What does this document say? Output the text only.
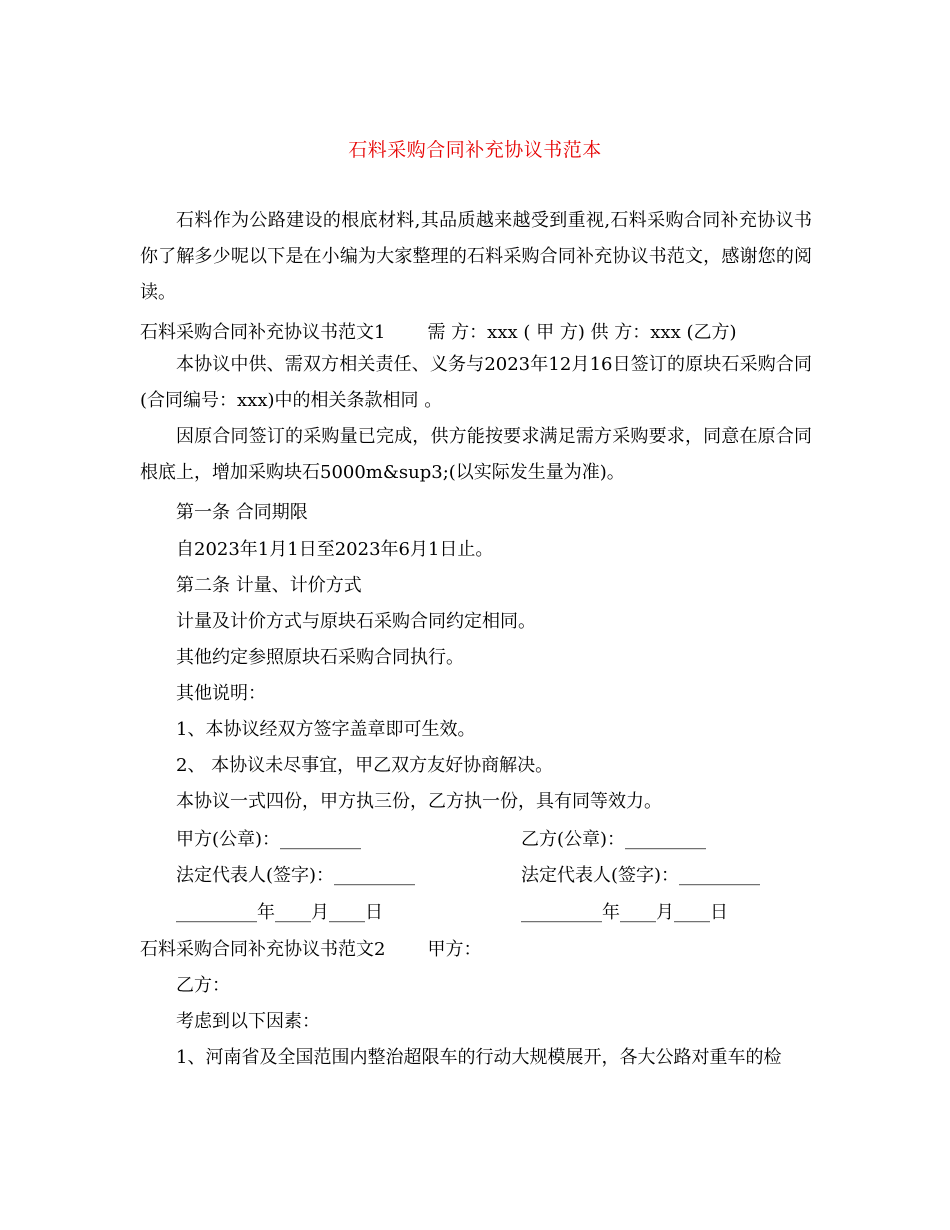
石料采购合同补充协议书范本
石料作为公路建设的根底材料,其品质越来越受到重视,石料采购合同补充协议书你了解多少呢以下是在小编为大家整理的石料采购合同补充协议书范文，感谢您的阅读。
石料采购合同补充协议书范文1 需 方：xxx ( 甲 方) 供 方：xxx (乙方)
本协议中供、需双方相关责任、义务与2023年12月16日签订的原块石采购合同(合同编号：xxx)中的相关条款相同 。
因原合同签订的采购量已完成，供方能按要求满足需方采购要求，同意在原合同根底上，增加采购块石5000m&sup3;(以实际发生量为准)。
第一条 合同期限
自2023年1月1日至2023年6月1日止。
第二条 计量、计价方式
计量及计价方式与原块石采购合同约定相同。
其他约定参照原块石采购合同执行。
其他说明：
1、本协议经双方签字盖章即可生效。
2、 本协议未尽事宜，甲乙双方友好协商解决。
本协议一式四份，甲方执三份，乙方执一份，具有同等效力。
甲方(公章)：_________	乙方(公章)：_________
法定代表人(签字)：_________	法定代表人(签字)：_________
_________年____月____日	_________年____月____日
石料采购合同补充协议书范文2 甲方：
乙方：
考虑到以下因素：
1、河南省及全国范围内整治超限车的行动大规模展开，各大公路对重车的检
